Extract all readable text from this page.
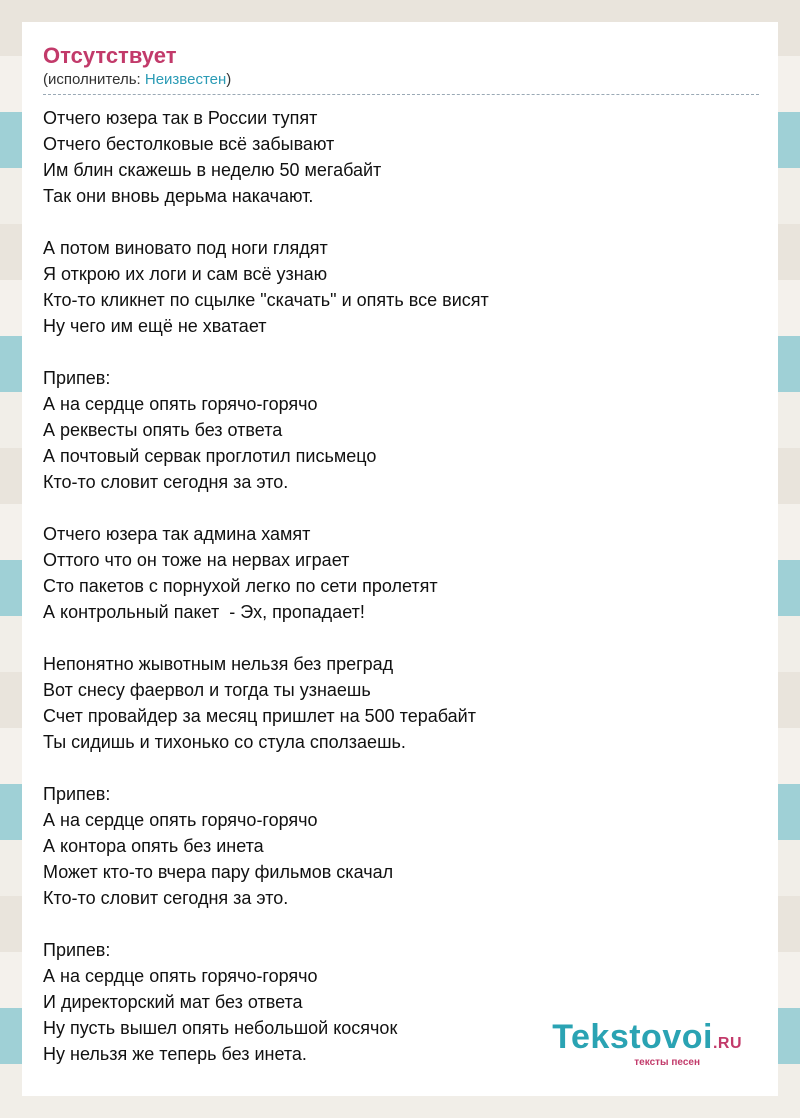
Отсутствует
(исполнитель: Неизвестен)
Отчего юзера так в России тупят
Отчего бестолковые всё забывают
Им блин скажешь в неделю 50 мегабайт
Так они вновь дерьма накачают.
А потом виновато под ноги глядят
Я открою их логи и сам всё узнаю
Кто-то кликнет по сцылке "скачать" и опять все висят
Ну чего им ещё не хватает
Припев:
А на сердце опять горячо-горячо
А реквесты опять без ответа
А почтовый сервак проглотил письмецо
Кто-то словит сегодня за это.
Отчего юзера так админа хамят
Оттого что он тоже на нервах играет
Сто пакетов с порнухой легко по сети пролетят
А контрольный пакет  - Эх, пропадает!
Непонятно жывотным нельзя без преград
Вот снесу фаервол и тогда ты узнаешь
Счет провайдер за месяц пришлет на 500 терабайт
Ты сидишь и тихонько со стула сползаешь.
Припев:
А на сердце опять горячо-горячо
А контора опять без инета
Может кто-то вчера пару фильмов скачал
Кто-то словит сегодня за это.
Припев:
А на сердце опять горячо-горячо
И директорский мат без ответа
Ну пусть вышел опять небольшой косячок
Ну нельзя же теперь без инета.	Tekstovoi.RU
тексты песен
